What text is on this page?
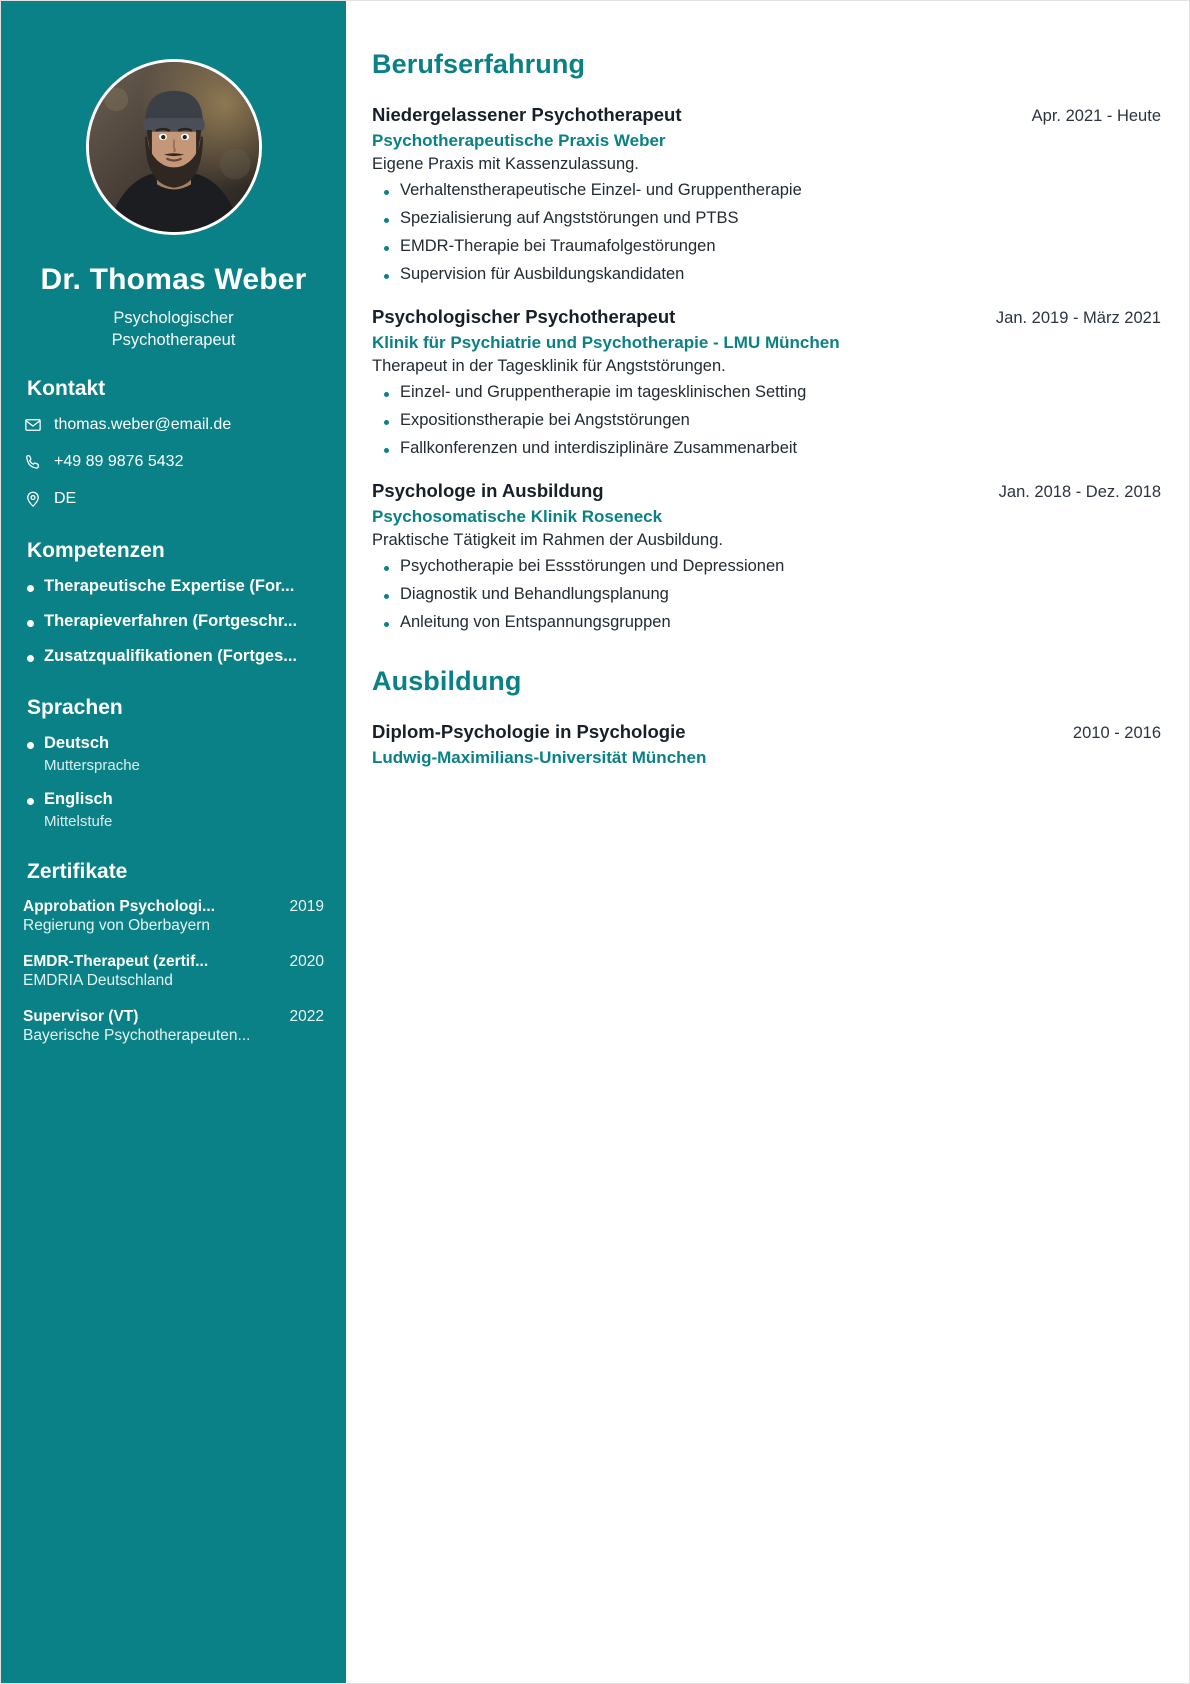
Dr. Thomas Weber
Psychologischer
Psychotherapeut
Kontakt
thomas.weber@email.de
+49 89 9876 5432
DE
Kompetenzen
Therapeutische Expertise (For...
Therapieverfahren (Fortgeschr...
Zusatzqualifikationen (Fortges...
Sprachen
Deutsch
Muttersprache
Englisch
Mittelstufe
Zertifikate
Approbation Psychologi...	2019
Regierung von Oberbayern
EMDR-Therapeut (zertif...	2020
EMDRIA Deutschland
Supervisor (VT)	2022
Bayerische Psychotherapeuten...
Berufserfahrung
Niedergelassener Psychotherapeut	Apr. 2021 - Heute
Psychotherapeutische Praxis Weber
Eigene Praxis mit Kassenzulassung.
Verhaltenstherapeutische Einzel- und Gruppentherapie
Spezialisierung auf Angststörungen und PTBS
EMDR-Therapie bei Traumafolgestörungen
Supervision für Ausbildungskandidaten
Psychologischer Psychotherapeut	Jan. 2019 - März 2021
Klinik für Psychiatrie und Psychotherapie - LMU München
Therapeut in der Tagesklinik für Angststörungen.
Einzel- und Gruppentherapie im tagesklinischen Setting
Expositionstherapie bei Angststörungen
Fallkonferenzen und interdisziplinäre Zusammenarbeit
Psychologe in Ausbildung	Jan. 2018 - Dez. 2018
Psychosomatische Klinik Roseneck
Praktische Tätigkeit im Rahmen der Ausbildung.
Psychotherapie bei Essstörungen und Depressionen
Diagnostik und Behandlungsplanung
Anleitung von Entspannungsgruppen
Ausbildung
Diplom-Psychologie in Psychologie	2010 - 2016
Ludwig-Maximilians-Universität München
